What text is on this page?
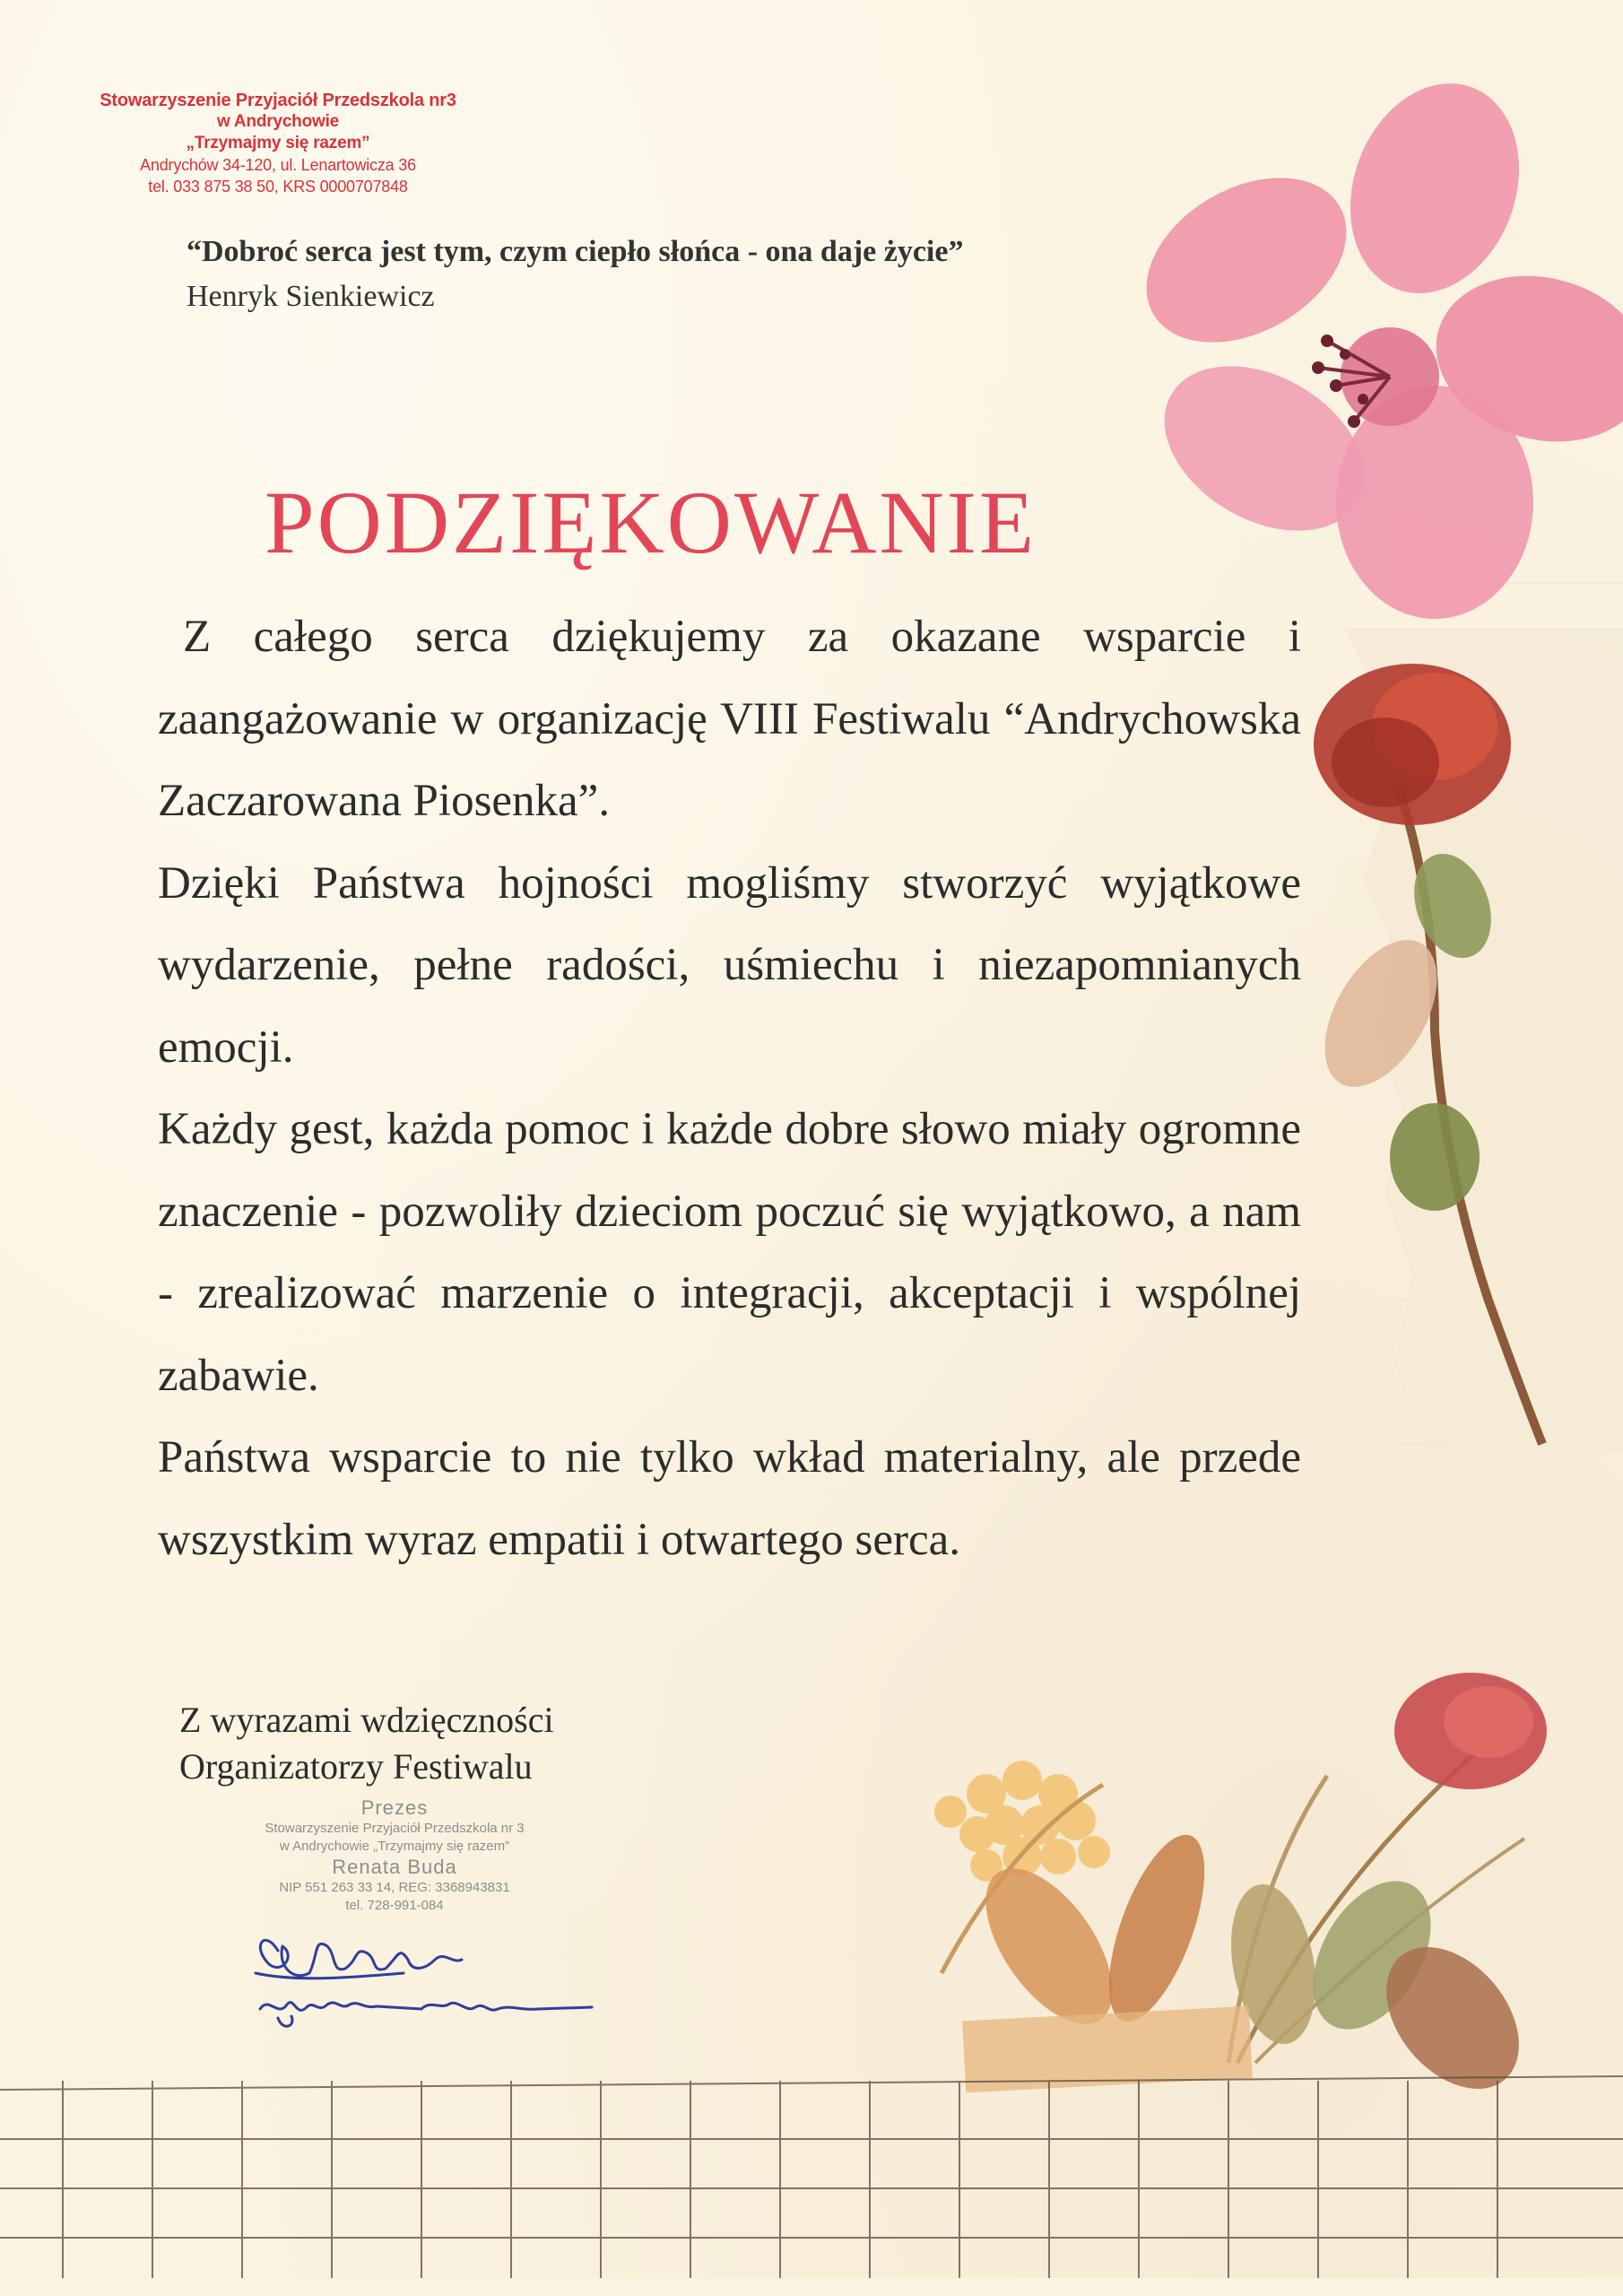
Stowarzyszenie Przyjaciół Przedszkola nr3
w Andrychowie
„Trzymajmy się razem”
Andrychów 34-120, ul. Lenartowicza 36
tel. 033 875 38 50, KRS 0000707848
“Dobroć serca jest tym, czym ciepło słońca - ona daje życie”
Henryk Sienkiewicz
PODZIĘKOWANIE

Z całego serca dziękujemy za okazane wsparcie i zaangażowanie w organizację VIII Festiwalu “Andrychowska Zaczarowana Piosenka”.

Dzięki Państwa hojności mogliśmy stworzyć wyjątkowe wydarzenie, pełne radości, uśmiechu i niezapomnianych emocji.

Każdy gest, każda pomoc i każde dobre słowo miały ogromne znaczenie - pozwoliły dzieciom poczuć się wyjątkowo, a nam - zrealizować marzenie o integracji, akceptacji i wspólnej zabawie.

Państwa wsparcie to nie tylko wkład materialny, ale przede wszystkim wyraz empatii i otwartego serca.

Z wyrazami wdzięczności
Organizatorzy Festiwalu
Prezes
Stowarzyszenie Przyjaciół Przedszkola nr 3
w Andrychowie „Trzymajmy się razem”
Renata Buda
NIP 551 263 33 14, REG: 3368943831
tel. 728-991-084
